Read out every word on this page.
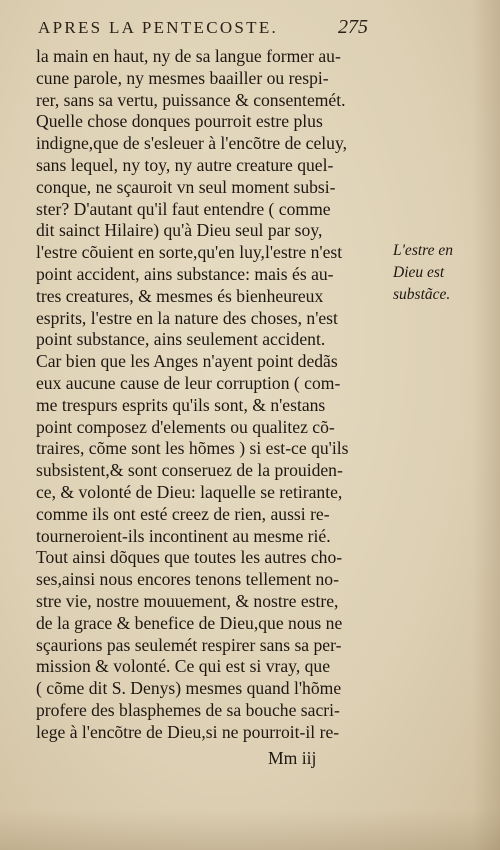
APRES LA PENTECOSTE.	275
la main en haut, ny de sa langue former au-
cune parole, ny mesmes baailler ou respi-
rer, sans sa vertu, puissance & consentemét.
Quelle chose donques pourroit estre plus
indigne,que de s'esleuer à l'encõtre de celuy,
sans lequel, ny toy, ny autre creature quel-
conque, ne sçauroit vn seul moment subsi-
ster? D'autant qu'il faut entendre ( comme
dit sainct Hilaire) qu'à Dieu seul par soy,
l'estre cõuient en sorte,qu'en luy,l'estre n'est
point accident, ains substance: mais és au-
tres creatures, & mesmes és bienheureux
esprits, l'estre en la nature des choses, n'est
point substance, ains seulement accident.
Car bien que les Anges n'ayent point dedãs
eux aucune cause de leur corruption ( com-
me trespurs esprits qu'ils sont, & n'estans
point composez d'elements ou qualitez cõ-
traires, cõme sont les hõmes ) si est-ce qu'ils
subsistent,& sont conseruez de la prouiden-
ce, & volonté de Dieu: laquelle se retirante,
comme ils ont esté creez de rien, aussi re-
tourneroient-ils incontinent au mesme rié.
Tout ainsi dõques que toutes les autres cho-
ses,ainsi nous encores tenons tellement no-
stre vie, nostre mouuement, & nostre estre,
de la grace & benefice de Dieu,que nous ne
sçaurions pas seulemét respirer sans sa per-
mission & volonté. Ce qui est si vray, que
( cõme dit S. Denys) mesmes quand l'hõme
profere des blasphemes de sa bouche sacri-
lege à l'encõtre de Dieu,si ne pourroit-il re-
L'estre en
Dieu est
substãce.
Mm iij
